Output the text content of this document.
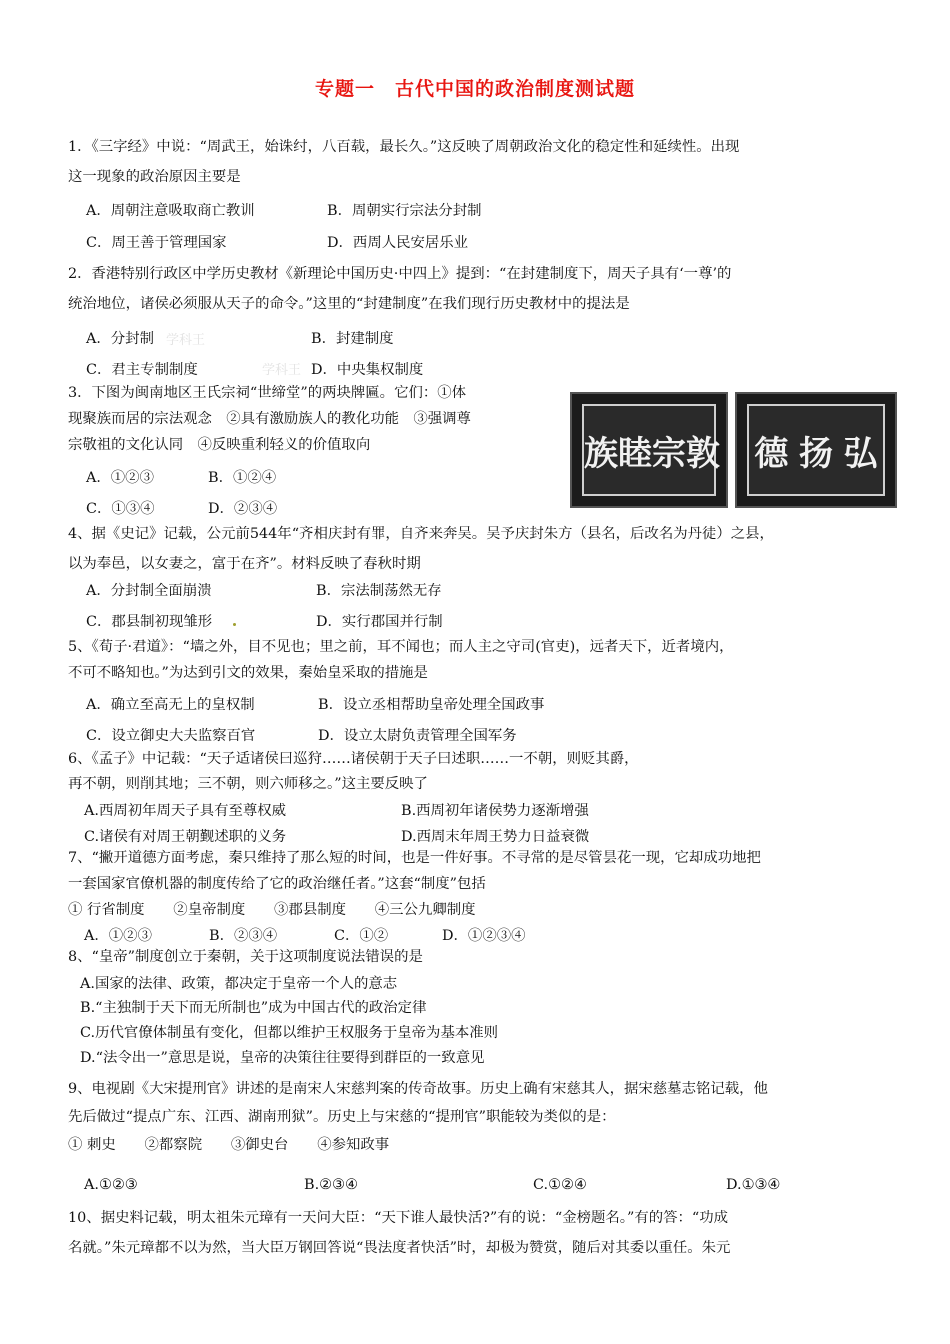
专题一　古代中国的政治制度测试题
1．《三字经》中说：“周武王，始诛纣，八百载，最长久。”这反映了周朝政治文化的稳定性和延续性。出现
这一现象的政治原因主要是
A．周朝注意吸取商亡教训	B．周朝实行宗法分封制
C．周王善于管理国家	D．西周人民安居乐业
2．香港特别行政区中学历史教材《新理论中国历史·中四上》提到：“在封建制度下，周天子具有‘一尊’的
统治地位，诸侯必须服从天子的命令。”这里的“封建制度”在我们现行历史教材中的提法是
A．分封制	B．封建制度
学科王
C．君主专制制度	D．中央集权制度
学科王
3．下图为闽南地区王氏宗祠“世缔堂”的两块牌匾。它们：①体
现聚族而居的宗法观念　②具有激励族人的教化功能　③强调尊
宗敬祖的文化认同　④反映重利轻义的价值取向
A．①②③	B．①②④
C．①③④	D．②③④
族 睦 宗 敦 德 扬 弘
4、据《史记》记载，公元前544年“齐相庆封有罪，自齐来奔吴。吴予庆封朱方（县名，后改名为丹徒）之县，
以为奉邑，以女妻之，富于在齐”。材料反映了春秋时期
A．分封制全面崩溃	B．宗法制荡然无存
C．郡县制初现雏形	D．实行郡国并行制
5、《荀子·君道》：“墙之外，目不见也；里之前，耳不闻也；而人主之守司(官吏)，远者天下，近者境内，
不可不略知也。”为达到引文的效果，秦始皇采取的措施是
A．确立至高无上的皇权制	B．设立丞相帮助皇帝处理全国政事
C．设立御史大夫监察百官	D．设立太尉负责管理全国军务
6、《孟子》中记载：“天子适诸侯曰巡狩……诸侯朝于天子曰述职……一不朝，则贬其爵，
再不朝，则削其地；三不朝，则六师移之。”这主要反映了
A.西周初年周天子具有至尊权威	B.西周初年诸侯势力逐渐增强
C.诸侯有对周王朝觐述职的义务	D.西周末年周王势力日益衰微
7、“撇开道德方面考虑，秦只维持了那么短的时间，也是一件好事。不寻常的是尽管昙花一现，它却成功地把
一套国家官僚机器的制度传给了它的政治继任者。”这套“制度”包括
① 行省制度　　②皇帝制度　　③郡县制度　　④三公九卿制度
A．①②③	B．②③④	C．①②	D．①②③④
8、“皇帝”制度创立于秦朝，关于这项制度说法错误的是
A.国家的法律、政策，都决定于皇帝一个人的意志
B.“主独制于天下而无所制也”成为中国古代的政治定律
C.历代官僚体制虽有变化，但都以维护王权服务于皇帝为基本准则
D.“法令出一”意思是说，皇帝的决策往往要得到群臣的一致意见
9、电视剧《大宋提刑官》讲述的是南宋人宋慈判案的传奇故事。历史上确有宋慈其人，据宋慈墓志铭记载，他
先后做过“提点广东、江西、湖南刑狱”。历史上与宋慈的“提刑官”职能较为类似的是：
① 刺史　　②都察院　　③御史台　　④参知政事
A.①②③	B.②③④	C.①②④	D.①③④
10、据史料记载，明太祖朱元璋有一天问大臣：“天下谁人最快活?”有的说：“金榜题名。”有的答：“功成
名就。”朱元璋都不以为然，当大臣万钢回答说“畏法度者快活”时，却极为赞赏，随后对其委以重任。朱元
